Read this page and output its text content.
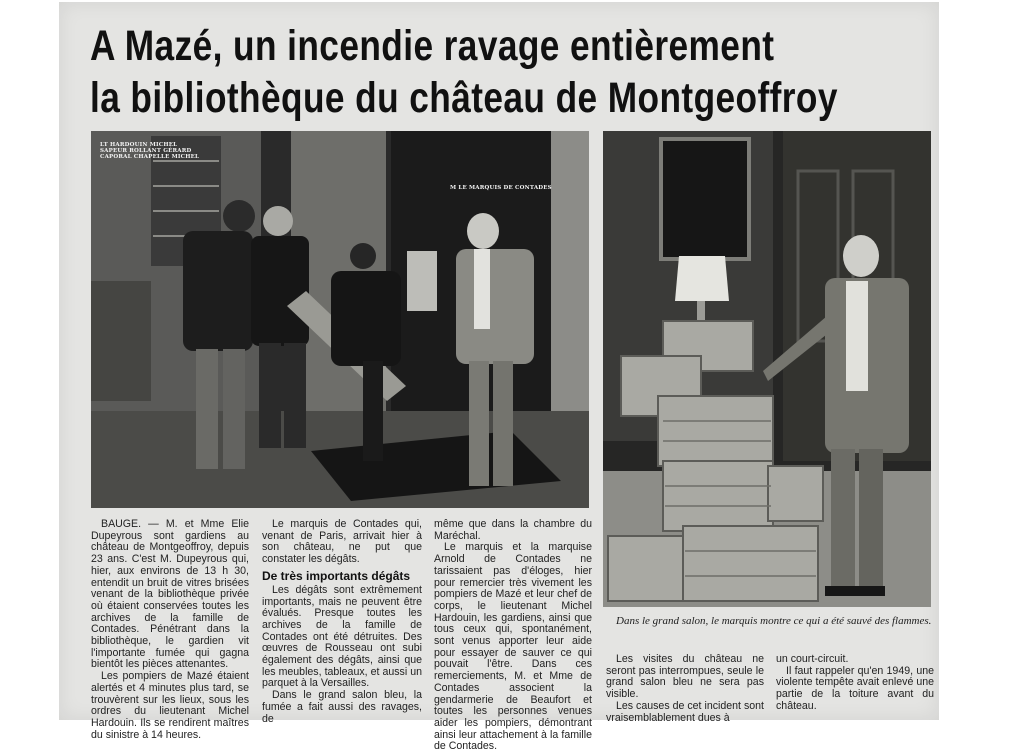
A Mazé, un incendie ravage entièrement
la bibliothèque du château de Montgeoffroy
LT HARDOUIN MICHEL
SAPEUR ROLLANT GÉRARD
CAPORAL CHAPELLE MICHEL
M LE MARQUIS DE CONTADES
Dans le grand salon, le marquis montre ce qui a été sauvé des flammes.

BAUGE. — M. et Mme Elie Dupeyrous sont gardiens au château de Montgeoffroy, depuis 23 ans. C'est M. Dupeyrous qui, hier, aux environs de 13 h 30, entendit un bruit de vitres brisées venant de la bibliothèque privée où étaient conservées toutes les archives de la famille de Contades. Pénétrant dans la bibliothèque, le gardien vit l'importante fumée qui gagna bientôt les pièces attenantes.

Les pompiers de Mazé étaient alertés et 4 minutes plus tard, se trouvèrent sur les lieux, sous les ordres du lieutenant Michel Hardouin. Ils se rendirent maîtres du sinistre à 14 heures.

Le marquis de Contades qui, venant de Paris, arrivait hier à son château, ne put que constater les dégâts.

De très importants dégâts

Les dégâts sont extrêmement importants, mais ne peuvent être évalués. Presque toutes les archives de la famille de Contades ont été détruites. Des œuvres de Rousseau ont subi également des dégâts, ainsi que les meubles, tableaux, et aussi un parquet à la Versailles.

Dans le grand salon bleu, la fumée a fait aussi des ravages, de

même que dans la chambre du Maréchal.

Le marquis et la marquise Arnold de Contades ne tarissaient pas d'éloges, hier pour remercier très vivement les pompiers de Mazé et leur chef de corps, le lieutenant Michel Hardouin, les gardiens, ainsi que tous ceux qui, spontanément, sont venus apporter leur aide pour essayer de sauver ce qui pouvait l'être. Dans ces remerciements, M. et Mme de Contades associent la gendarmerie de Beaufort et toutes les personnes venues aider les pompiers, démontrant ainsi leur attachement à la famille de Contades.

Les visites du château ne seront pas interrompues, seule le grand salon bleu ne sera pas visible.

Les causes de cet incident sont vraisemblablement dues à

un court-circuit.

Il faut rappeler qu'en 1949, une violente tempête avait enlevé une partie de la toiture avant du château.
